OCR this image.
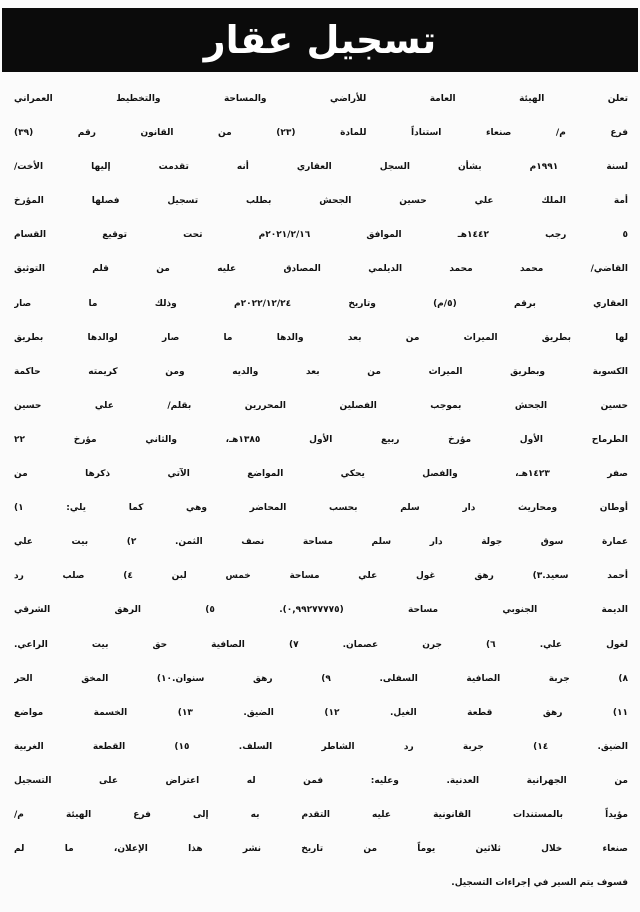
تسجيل عقار
تعلن الهيئة العامة للأراضي والمساحة والتخطيط العمراني
فرع م/ صنعاء استناداً للمادة (٢٣) من القانون رقم (٣٩)
لسنة ١٩٩١م بشأن السجل العقاري أنه تقدمت إليها الأخت/
أمة الملك علي حسين الجحش بطلب تسجيل فصلها المؤرخ
٥ رجب ١٤٤٢هـ الموافق ٢٠٢١/٢/١٦م تحت توقيع القسام
القاضي/ محمد محمد الديلمي المصادق عليه من قلم التوثيق
العقاري برقم (٥/م) وتاريخ ٢٠٢٢/١٢/٢٤م وذلك ما صار
لها بطريق الميراث من بعد والدها ما صار لوالدها بطريق
الكسوبة وبطريق الميراث من بعد والديه ومن كريمته حاكمة
حسين الجحش بموجب الفصلين المحررين بقلم/ علي حسين
الطرماح الأول مؤرخ ربيع الأول ١٣٨٥هـ، والثاني مؤرخ ٢٢
صفر ١٤٢٣هـ، والفصل يحكي المواضع الآتي ذكرها من
أوطان ومحاريث دار سلم بحسب المحاضر وهي كما يلي: ١)
عمارة سوق جولة دار سلم مساحة نصف الثمن. ٢) بيت علي
أحمد سعيد.٣) رهق غول علي مساحة خمس لبن ٤) صلب رد
الديمة الجنوبي مساحة (٠,٩٩٢٧٧٧٧٥). ٥) الرهق الشرقي
لغول علي. ٦) جرن عصمان. ٧) الصافية حق بيت الراعي.
٨) جربة الصافية السفلى. ٩) رهق سنوان.١٠) المخق الحر
١١) رهق قطعة الغيل. ١٢) الضيق. ١٣) الخسمة مواضع
الضيق. ١٤) جربة رد الشاطر السلف. ١٥) القطعة الغربية
من الجهرانية العدنية. وعليه: فمن له اعتراض على التسجيل
مؤيداً بالمستندات القانونية عليه التقدم به إلى فرع الهيئة م/
صنعاء خلال ثلاثين يوماً من تاريخ نشر هذا الإعلان، ما لم
فسوف يتم السير في إجراءات التسجيل.
